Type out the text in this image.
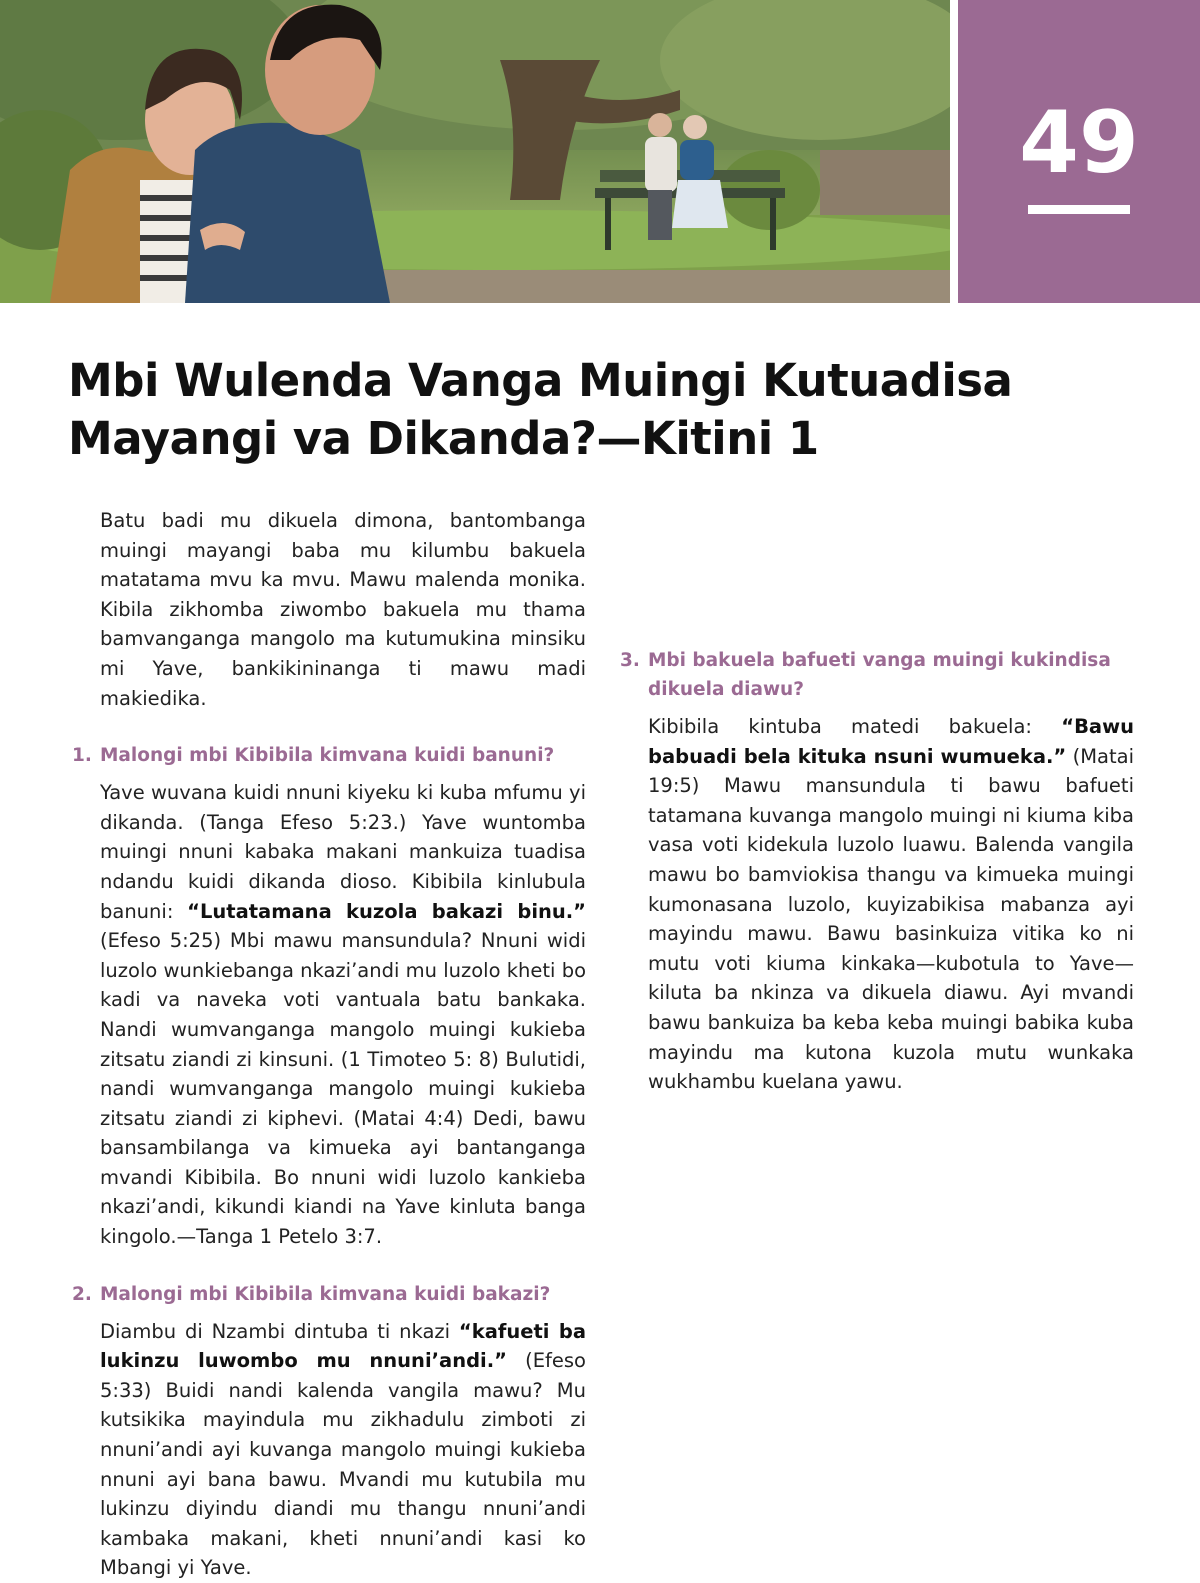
49
Mbi Wulenda Vanga Muingi Kutuadisa
Mayangi va Dikanda?—Kitini 1

Batu badi mu dikuela dimona, bantombanga muingi mayangi baba mu kilumbu bakuela matatama mvu ka mvu. Mawu malenda monika. Kibila zikhomba ziwombo bakuela mu thama bamvanganga mangolo ma kutumukina minsiku mi Yave, bankikininanga ti mawu madi makiedika.

1. Malongi mbi Kibibila kimvana kuidi banuni?

Yave wuvana kuidi nnuni kiyeku ki kuba mfumu yi dikanda. (Tanga Efeso 5:23.) Yave wuntomba muingi nnuni kabaka makani mankuiza tuadisa ndandu kuidi dikanda dioso. Kibibila kinlubula banuni: “Lutatamana kuzola bakazi binu.” (Efeso 5:25) Mbi mawu mansundula? Nnuni widi luzolo wunkiebanga nkazi’andi mu luzolo kheti bo kadi va naveka voti vantuala batu bankaka. Nandi wumvanganga mangolo muingi kukieba zitsatu ziandi zi kinsuni. (1 Timoteo 5: 8) Bulutidi, nandi wumvanganga mangolo muingi kukieba zitsatu ziandi zi kiphevi. (Matai 4:4) Dedi, bawu bansambilanga va kimueka ayi bantanganga mvandi Kibibila. Bo nnuni widi luzolo kankieba nkazi’andi, kikundi kiandi na Yave kinluta banga kingolo.—Tanga 1 Petelo 3:7.

2. Malongi mbi Kibibila kimvana kuidi bakazi?

Diambu di Nzambi dintuba ti nkazi “kafueti ba lukinzu luwombo mu nnuni’andi.” (Efeso 5:33) Buidi nandi kalenda vangila mawu? Mu kutsikika mayindula mu zikhadulu zimboti zi nnuni’andi ayi kuvanga mangolo muingi kukieba nnuni ayi bana bawu. Mvandi mu kutubila mu lukinzu diyindu diandi mu thangu nnuni’andi kambaka makani, kheti nnuni’andi kasi ko Mbangi yi Yave.

3. Mbi bakuela bafueti vanga muingi kukindisa dikuela diawu?

Kibibila kintuba matedi bakuela: “Bawu babuadi bela kituka nsuni wumueka.” (Matai 19:5) Mawu mansundula ti bawu bafueti tatamana kuvanga mangolo muingi ni kiuma kiba vasa voti kidekula luzolo luawu. Balenda vangila mawu bo bamviokisa thangu va kimueka muingi kumonasana luzolo, kuyizabikisa mabanza ayi mayindu mawu. Bawu basinkuiza vitika ko ni mutu voti kiuma kinkaka—kubotula to Yave—kiluta ba nkinza va dikuela diawu. Ayi mvandi bawu bankuiza ba keba keba muingi babika kuba mayindu ma kutona kuzola mutu wunkaka wukhambu kuelana yawu.
